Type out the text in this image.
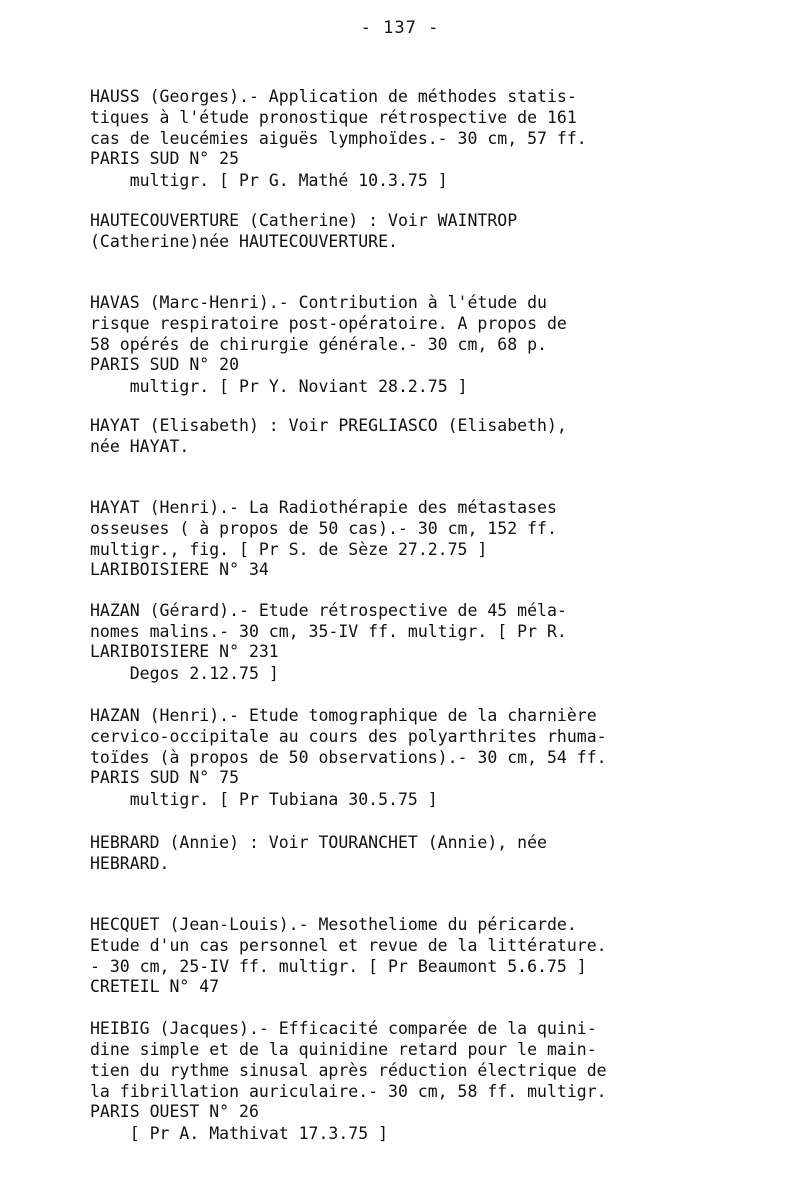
- 137 -
HAUSS (Georges).- Application de méthodes statis-
tiques à l'étude pronostique rétrospective de 161
cas de leucémies aiguës lymphoïdes.- 30 cm, 57 ff.

multigr. [ Pr G. Mathé 10.3.75 ]

PARIS SUD N° 25
HAUTECOUVERTURE (Catherine) : Voir WAINTROP
(Catherine)née HAUTECOUVERTURE.
HAVAS (Marc-Henri).- Contribution à l'étude du
risque respiratoire post-opératoire. A propos de
58 opérés de chirurgie générale.- 30 cm, 68 p.

multigr. [ Pr Y. Noviant 28.2.75 ]

PARIS SUD N° 20
HAYAT (Elisabeth) : Voir PREGLIASCO (Elisabeth),
née HAYAT.
HAYAT (Henri).- La Radiothérapie des métastases
osseuses ( à propos de 50 cas).- 30 cm, 152 ff.
multigr., fig. [ Pr S. de Sèze 27.2.75 ]

LARIBOISIERE N° 34
HAZAN (Gérard).- Etude rétrospective de 45 méla-
nomes malins.- 30 cm, 35-IV ff. multigr. [ Pr R.

Degos 2.12.75 ]

LARIBOISIERE N° 231
HAZAN (Henri).- Etude tomographique de la charnière
cervico-occipitale au cours des polyarthrites rhuma-
toïdes (à propos de 50 observations).- 30 cm, 54 ff.

multigr. [ Pr Tubiana 30.5.75 ]

PARIS SUD N° 75
HEBRARD (Annie) : Voir TOURANCHET (Annie), née
HEBRARD.
HECQUET (Jean-Louis).- Mesotheliome du péricarde.
Etude d'un cas personnel et revue de la littérature.
- 30 cm, 25-IV ff. multigr. [ Pr Beaumont 5.6.75 ]

CRETEIL N° 47
HEIBIG (Jacques).- Efficacité comparée de la quini-
dine simple et de la quinidine retard pour le main-
tien du rythme sinusal après réduction électrique de
la fibrillation auriculaire.- 30 cm, 58 ff. multigr.

[ Pr A. Mathivat 17.3.75 ]

PARIS OUEST N° 26
